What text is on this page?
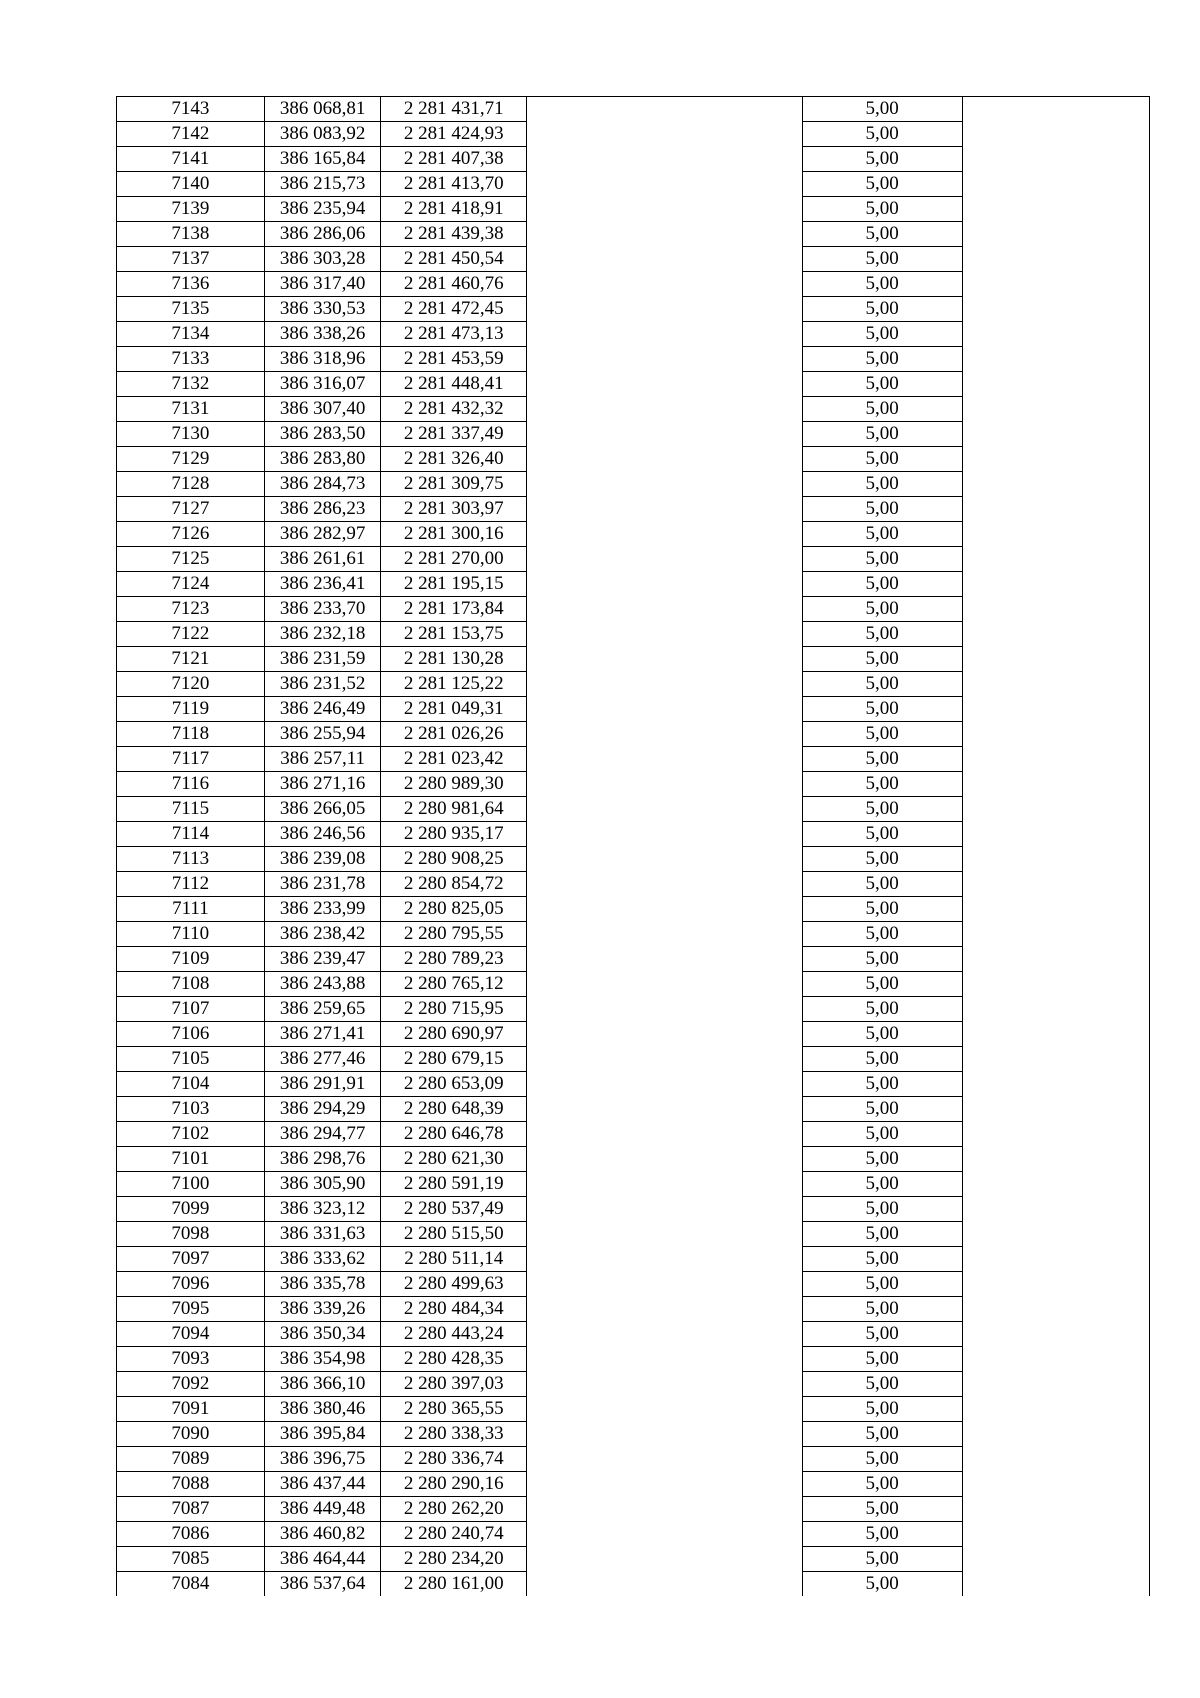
7143	386 068,81	2 281 431,71		5,00	
7142	386 083,92	2 281 424,93		5,00	
7141	386 165,84	2 281 407,38		5,00	
7140	386 215,73	2 281 413,70		5,00	
7139	386 235,94	2 281 418,91		5,00	
7138	386 286,06	2 281 439,38		5,00	
7137	386 303,28	2 281 450,54		5,00	
7136	386 317,40	2 281 460,76		5,00	
7135	386 330,53	2 281 472,45		5,00	
7134	386 338,26	2 281 473,13		5,00	
7133	386 318,96	2 281 453,59		5,00	
7132	386 316,07	2 281 448,41		5,00	
7131	386 307,40	2 281 432,32		5,00	
7130	386 283,50	2 281 337,49		5,00	
7129	386 283,80	2 281 326,40		5,00	
7128	386 284,73	2 281 309,75		5,00	
7127	386 286,23	2 281 303,97		5,00	
7126	386 282,97	2 281 300,16		5,00	
7125	386 261,61	2 281 270,00		5,00	
7124	386 236,41	2 281 195,15		5,00	
7123	386 233,70	2 281 173,84		5,00	
7122	386 232,18	2 281 153,75		5,00	
7121	386 231,59	2 281 130,28		5,00	
7120	386 231,52	2 281 125,22		5,00	
7119	386 246,49	2 281 049,31		5,00	
7118	386 255,94	2 281 026,26		5,00	
7117	386 257,11	2 281 023,42		5,00	
7116	386 271,16	2 280 989,30		5,00	
7115	386 266,05	2 280 981,64		5,00	
7114	386 246,56	2 280 935,17		5,00	
7113	386 239,08	2 280 908,25		5,00	
7112	386 231,78	2 280 854,72		5,00	
7111	386 233,99	2 280 825,05		5,00	
7110	386 238,42	2 280 795,55		5,00	
7109	386 239,47	2 280 789,23		5,00	
7108	386 243,88	2 280 765,12		5,00	
7107	386 259,65	2 280 715,95		5,00	
7106	386 271,41	2 280 690,97		5,00	
7105	386 277,46	2 280 679,15		5,00	
7104	386 291,91	2 280 653,09		5,00	
7103	386 294,29	2 280 648,39		5,00	
7102	386 294,77	2 280 646,78		5,00	
7101	386 298,76	2 280 621,30		5,00	
7100	386 305,90	2 280 591,19		5,00	
7099	386 323,12	2 280 537,49		5,00	
7098	386 331,63	2 280 515,50		5,00	
7097	386 333,62	2 280 511,14		5,00	
7096	386 335,78	2 280 499,63		5,00	
7095	386 339,26	2 280 484,34		5,00	
7094	386 350,34	2 280 443,24		5,00	
7093	386 354,98	2 280 428,35		5,00	
7092	386 366,10	2 280 397,03		5,00	
7091	386 380,46	2 280 365,55		5,00	
7090	386 395,84	2 280 338,33		5,00	
7089	386 396,75	2 280 336,74		5,00	
7088	386 437,44	2 280 290,16		5,00	
7087	386 449,48	2 280 262,20		5,00	
7086	386 460,82	2 280 240,74		5,00	
7085	386 464,44	2 280 234,20		5,00	
7084	386 537,64	2 280 161,00		5,00	
